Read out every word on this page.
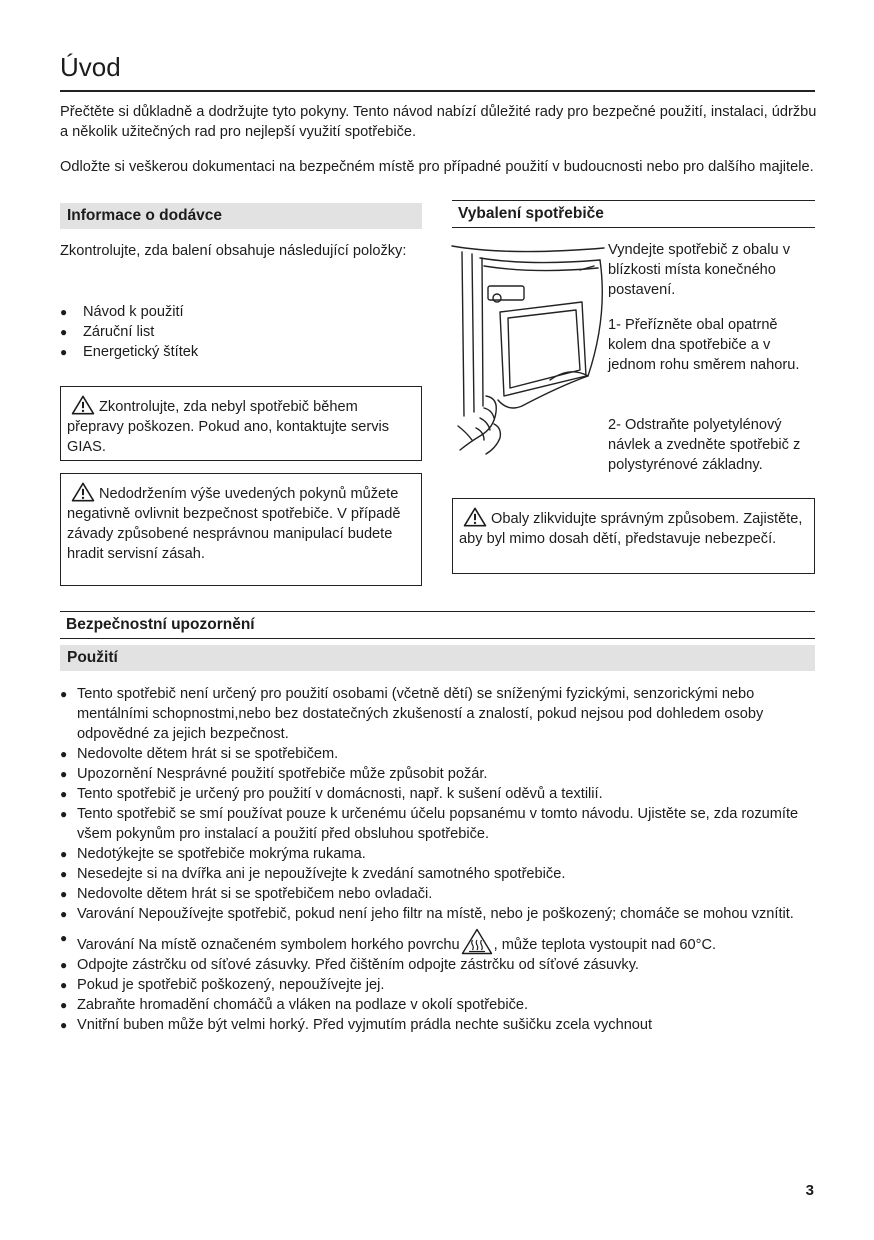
Úvod
Přečtěte si důkladně a dodržujte tyto pokyny. Tento návod nabízí důležité rady pro bezpečné použití, instalaci, údržbu a několik užitečných rad pro nejlepší využití spotřebiče.
Odložte si veškerou dokumentaci na bezpečném místě pro případné použití v budoucnosti nebo pro dalšího majitele.
Informace o dodávce
Zkontrolujte, zda balení obsahuje následující položky:
● Návod k použití
● Záruční list
● Energetický štítek
Zkontrolujte, zda nebyl spotřebič během přepravy poškozen. Pokud ano, kontaktujte servis GIAS.
Nedodržením výše uvedených pokynů můžete negativně ovlivnit bezpečnost spotřebiče. V případě závady způsobené nesprávnou manipulací budete hradit servisní zásah.
Vybalení spotřebiče
Vyndejte spotřebič z obalu v blízkosti místa konečného postavení.
1- Přeřízněte obal opatrně kolem dna spotřebiče a v jednom rohu směrem nahoru.
2- Odstraňte polyetylénový návlek a zvedněte spotřebič z polystyrénové základny.
Obaly zlikvidujte správným způsobem. Zajistěte, aby byl mimo dosah dětí, představuje nebezpečí.
Bezpečnostní upozornění
Použití
● Tento spotřebič není určený pro použití osobami (včetně dětí) se sníženými fyzickými, senzorickými nebo mentálními schopnostmi,nebo bez dostatečných zkušeností a znalostí, pokud nejsou pod dohledem osoby odpovědné za jejich bezpečnost.
● Nedovolte dětem hrát si se spotřebičem.
● Upozornění Nesprávné použití spotřebiče může způsobit požár.
● Tento spotřebič je určený pro použití v domácnosti, např. k sušení oděvů a textilií.
● Tento spotřebič se smí používat pouze k určenému účelu popsanému v tomto návodu. Ujistěte se, zda rozumíte všem pokynům pro instalací a použití před obsluhou spotřebiče.
● Nedotýkejte se spotřebiče mokrýma rukama.
● Nesedejte si na dvířka ani je nepoužívejte k zvedání samotného spotřebiče.
● Nedovolte dětem hrát si se spotřebičem nebo ovladači.
● Varování Nepoužívejte spotřebič, pokud není jeho filtr na místě, nebo je poškozený; chomáče se mohou vznítit.
● Varování Na místě označeném symbolem horkého povrchu , může teplota vystoupit nad 60°C.
● Odpojte zástrčku od síťové zásuvky. Před čištěním odpojte zástrčku od síťové zásuvky.
● Pokud je spotřebič poškozený, nepoužívejte jej.
● Zabraňte hromadění chomáčů a vláken na podlaze v okolí spotřebiče.
● Vnitřní buben může být velmi horký. Před vyjmutím prádla nechte sušičku zcela vychnout
3
